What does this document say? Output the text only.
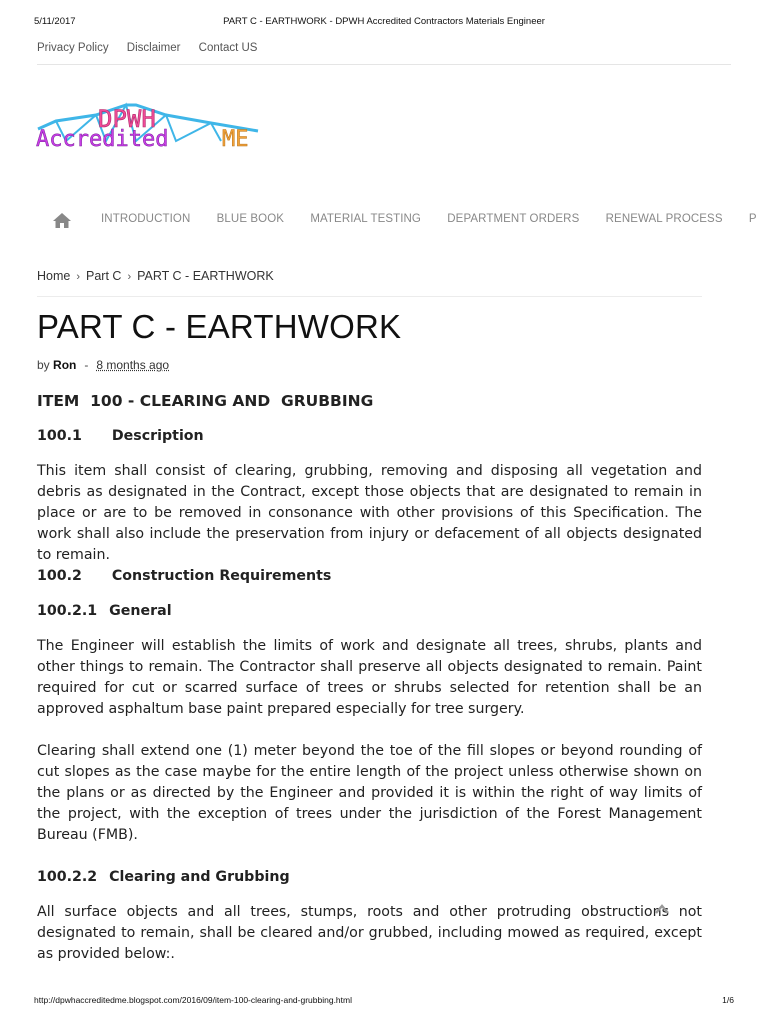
5/11/2017	PART C - EARTHWORK - DPWH Accredited Contractors Materials Engineer
Privacy Policy Disclaimer Contact US
DPWH
Accredited ME
INTRODUCTION BLUE BOOK MATERIAL TESTING DEPARTMENT ORDERS RENEWAL PROCESS P
Home › Part C › PART C - EARTHWORK
PART C - EARTHWORK
by Ron - 8 months ago

ITEM  100 - CLEARING AND  GRUBBING

100.1 Description

This item shall consist of clearing, grubbing, removing and disposing all vegetation and debris as designated in the Contract, except those objects that are designated to remain in place or are to be removed in consonance with other provisions of this Specification. The work shall also include the preservation from injury or defacement of all objects designated to remain.

100.2 Construction Requirements

100.2.1 General

The Engineer will establish the limits of work and designate all trees, shrubs, plants and other things to remain. The Contractor shall preserve all objects designated to remain. Paint required for cut or scarred surface of trees or shrubs selected for retention shall be an approved asphaltum base paint prepared especially for tree surgery.

Clearing shall extend one (1) meter beyond the toe of the fill slopes or beyond rounding of cut slopes as the case maybe for the entire length of the project unless otherwise shown on the plans or as directed by the Engineer and provided it is within the right of way limits of the project, with the exception of trees under the jurisdiction of the Forest Management Bureau (FMB).

100.2.2 Clearing and Grubbing

All surface objects and all trees, stumps, roots and other protruding obstructions not designated to remain, shall be cleared and/or grubbed, including mowed as required, except as provided below:.

http://dpwhaccreditedme.blogspot.com/2016/09/item-100-clearing-and-grubbing.html	1/6
